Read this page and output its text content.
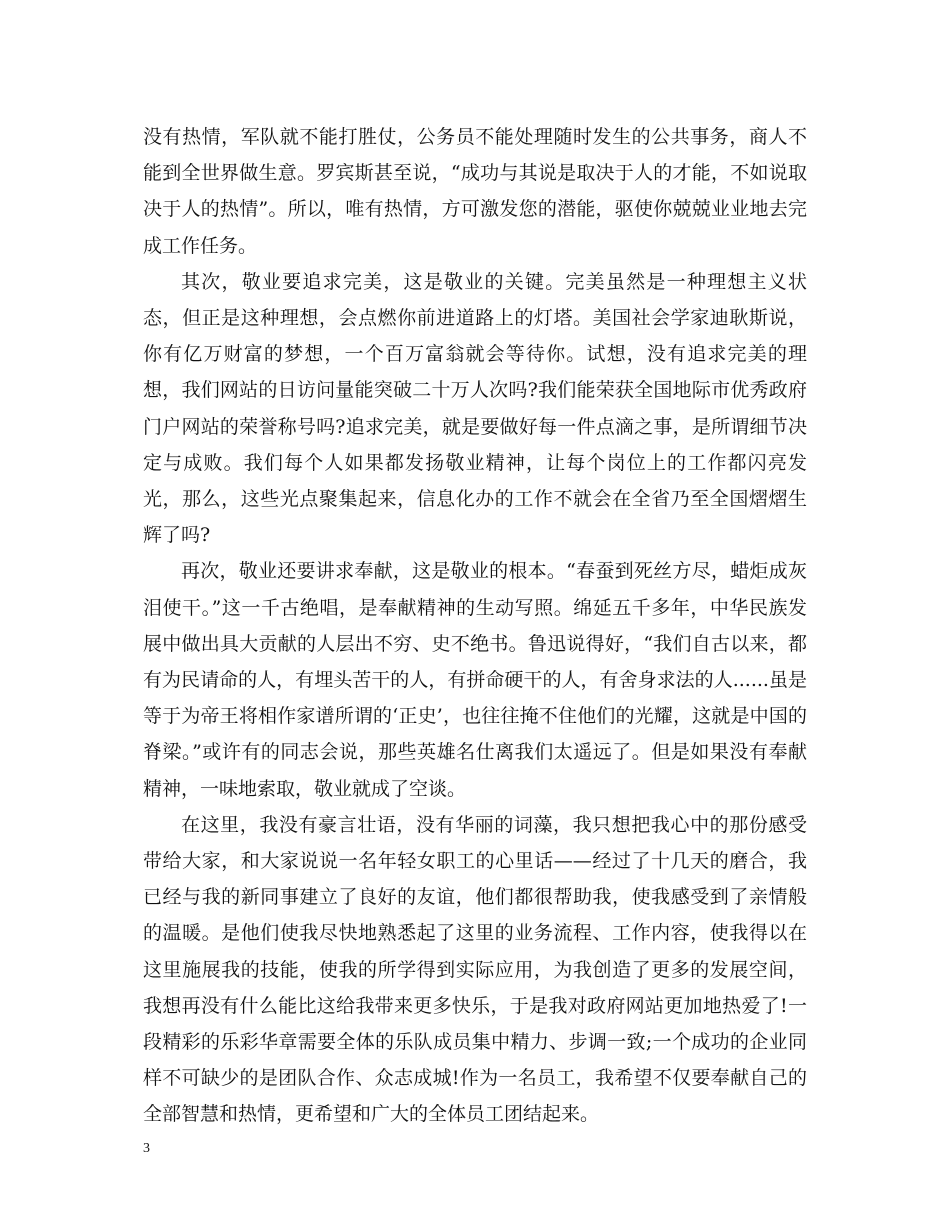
没有热情，军队就不能打胜仗，公务员不能处理随时发生的公共事务，商人不能到全世界做生意。罗宾斯甚至说，“成功与其说是取决于人的才能，不如说取决于人的热情”。所以，唯有热情，方可激发您的潜能，驱使你兢兢业业地去完成工作任务。

其次，敬业要追求完美，这是敬业的关键。完美虽然是一种理想主义状态，但正是这种理想，会点燃你前进道路上的灯塔。美国社会学家迪耿斯说，你有亿万财富的梦想，一个百万富翁就会等待你。试想，没有追求完美的理想，我们网站的日访问量能突破二十万人次吗?我们能荣获全国地际市优秀政府门户网站的荣誉称号吗?追求完美，就是要做好每一件点滴之事，是所谓细节决定与成败。我们每个人如果都发扬敬业精神，让每个岗位上的工作都闪亮发光，那么，这些光点聚集起来，信息化办的工作不就会在全省乃至全国熠熠生辉了吗?

再次，敬业还要讲求奉献，这是敬业的根本。“春蚕到死丝方尽，蜡炬成灰泪使干。”这一千古绝唱，是奉献精神的生动写照。绵延五千多年，中华民族发展中做出具大贡献的人层出不穷、史不绝书。鲁迅说得好，“我们自古以来，都有为民请命的人，有埋头苦干的人，有拼命硬干的人，有舍身求法的人......虽是等于为帝王将相作家谱所谓的‘正史’，也往往掩不住他们的光耀，这就是中国的脊梁。”或许有的同志会说，那些英雄名仕离我们太遥远了。但是如果没有奉献精神，一味地索取，敬业就成了空谈。

在这里，我没有豪言壮语，没有华丽的词藻，我只想把我心中的那份感受带给大家，和大家说说一名年轻女职工的心里话——经过了十几天的磨合，我已经与我的新同事建立了良好的友谊，他们都很帮助我，使我感受到了亲情般的温暖。是他们使我尽快地熟悉起了这里的业务流程、工作内容，使我得以在这里施展我的技能，使我的所学得到实际应用，为我创造了更多的发展空间，我想再没有什么能比这给我带来更多快乐，于是我对政府网站更加地热爱了!一段精彩的乐彩华章需要全体的乐队成员集中精力、步调一致;一个成功的企业同样不可缺少的是团队合作、众志成城!作为一名员工，我希望不仅要奉献自己的全部智慧和热情，更希望和广大的全体员工团结起来。

3
